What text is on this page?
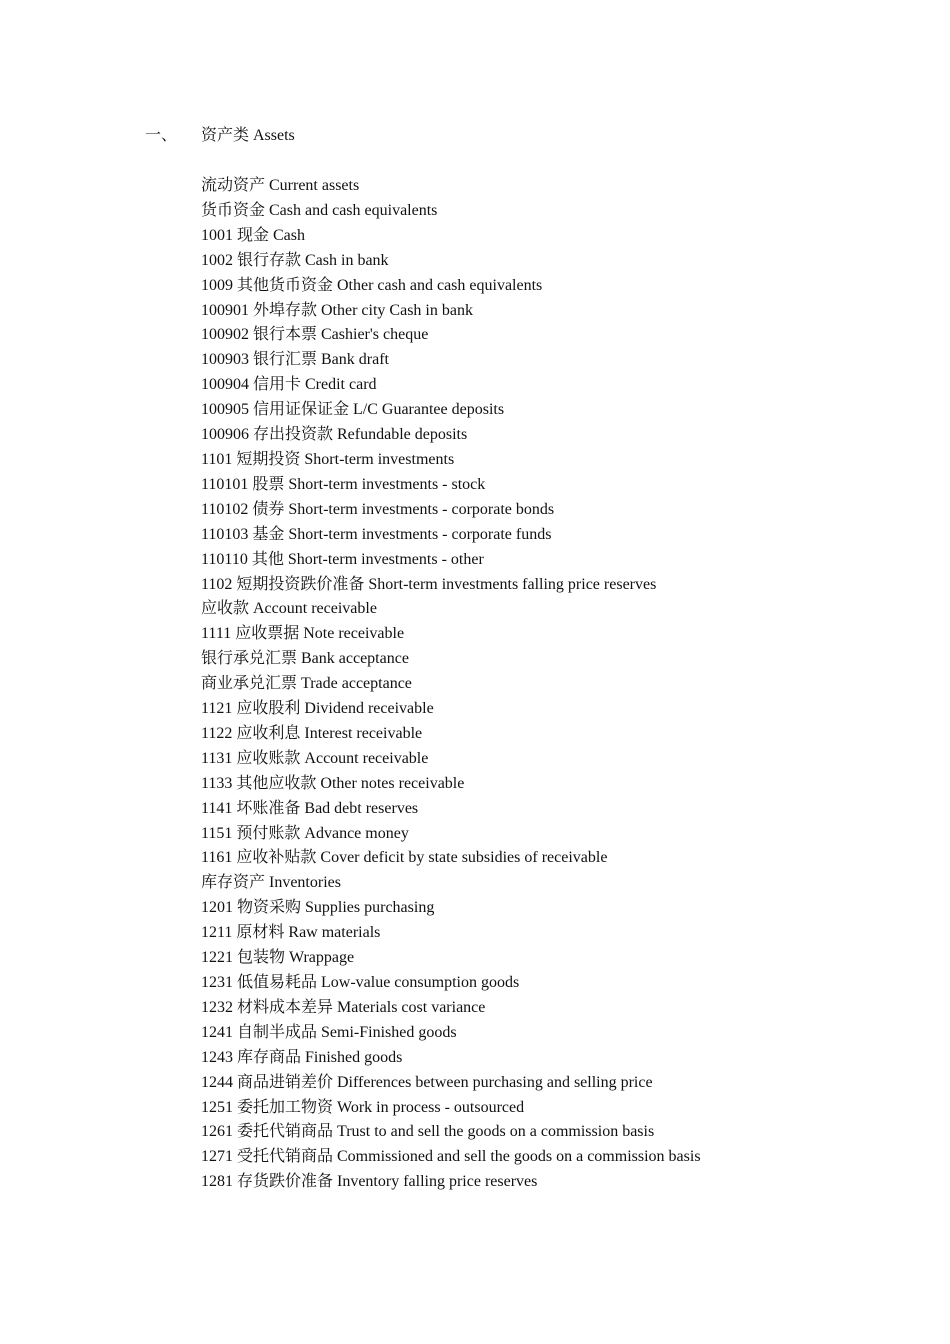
一、 资产类 Assets
流动资产 Current assets
货币资金 Cash and cash equivalents
1001 现金 Cash
1002 银行存款 Cash in bank
1009 其他货币资金 Other cash and cash equivalents
100901 外埠存款 Other city Cash in bank
100902 银行本票 Cashier's cheque
100903 银行汇票 Bank draft
100904 信用卡 Credit card
100905 信用证保证金 L/C Guarantee deposits
100906 存出投资款 Refundable deposits
1101 短期投资 Short-term investments
110101 股票 Short-term investments - stock
110102 债券 Short-term investments - corporate bonds
110103 基金 Short-term investments - corporate funds
110110 其他 Short-term investments - other
1102 短期投资跌价准备 Short-term investments falling price reserves
应收款 Account receivable
1111 应收票据 Note receivable
银行承兑汇票 Bank acceptance
商业承兑汇票 Trade acceptance
1121 应收股利 Dividend receivable
1122 应收利息 Interest receivable
1131 应收账款 Account receivable
1133 其他应收款 Other notes receivable
1141 坏账准备 Bad debt reserves
1151 预付账款 Advance money
1161 应收补贴款 Cover deficit by state subsidies of receivable
库存资产 Inventories
1201 物资采购 Supplies purchasing
1211 原材料 Raw materials
1221 包装物 Wrappage
1231 低值易耗品 Low-value consumption goods
1232 材料成本差异 Materials cost variance
1241 自制半成品 Semi-Finished goods
1243 库存商品 Finished goods
1244 商品进销差价 Differences between purchasing and selling price
1251 委托加工物资 Work in process - outsourced
1261 委托代销商品 Trust to and sell the goods on a commission basis
1271 受托代销商品 Commissioned and sell the goods on a commission basis
1281 存货跌价准备 Inventory falling price reserves
